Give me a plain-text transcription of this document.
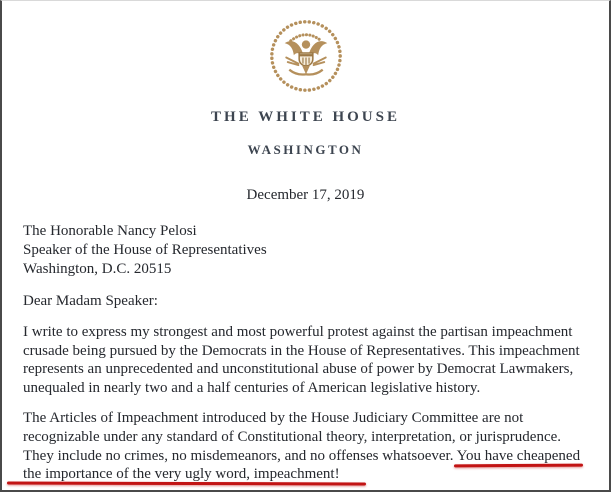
THE WHITE HOUSE
WASHINGTON
December 17, 2019
The Honorable Nancy Pelosi
Speaker of the House of Representatives
Washington, D.C. 20515
Dear Madam Speaker:
I write to express my strongest and most powerful protest against the partisan impeachment
crusade being pursued by the Democrats in the House of Representatives. This impeachment
represents an unprecedented and unconstitutional abuse of power by Democrat Lawmakers,
unequaled in nearly two and a half centuries of American legislative history.
The Articles of Impeachment introduced by the House Judiciary Committee are not
recognizable under any standard of Constitutional theory, interpretation, or jurisprudence.
They include no crimes, no misdemeanors, and no offenses whatsoever. You have cheapened
the importance of the very ugly word, impeachment!
